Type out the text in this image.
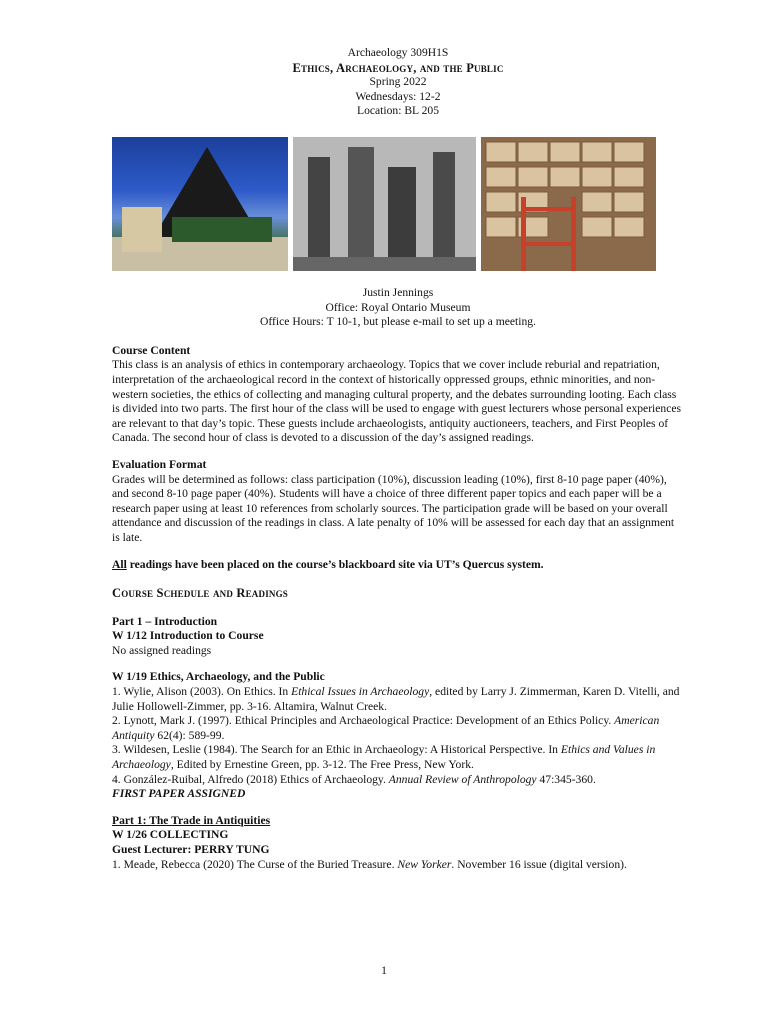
Archaeology 309H1S

Ethics, Archaeology, and the Public

Spring 2022

Wednesdays: 12-2

Location: BL 205

Justin Jennings

Office: Royal Ontario Museum

Office Hours: T 10-1, but please e-mail to set up a meeting.

Course Content

This class is an analysis of ethics in contemporary archaeology. Topics that we cover include reburial and repatriation, interpretation of the archaeological record in the context of historically oppressed groups, ethnic minorities, and non-western societies, the ethics of collecting and managing cultural property, and the debates surrounding looting. Each class is divided into two parts. The first hour of the class will be used to engage with guest lecturers whose personal experiences are relevant to that day’s topic. These guests include archaeologists, antiquity auctioneers, teachers, and First Peoples of Canada. The second hour of class is devoted to a discussion of the day’s assigned readings.

Evaluation Format

Grades will be determined as follows: class participation (10%), discussion leading (10%), first 8-10 page paper (40%), and second 8-10 page paper (40%). Students will have a choice of three different paper topics and each paper will be a research paper using at least 10 references from scholarly sources. The participation grade will be based on your overall attendance and discussion of the readings in class. A late penalty of 10% will be assessed for each day that an assignment is late.

All readings have been placed on the course’s blackboard site via UT’s Quercus system.

Course Schedule and Readings

Part 1 – Introduction

W 1/12 Introduction to Course

No assigned readings

W 1/19 Ethics, Archaeology, and the Public

1. Wylie, Alison (2003). On Ethics. In Ethical Issues in Archaeology, edited by Larry J. Zimmerman, Karen D. Vitelli, and Julie Hollowell-Zimmer, pp. 3-16. Altamira, Walnut Creek.

2. Lynott, Mark J. (1997). Ethical Principles and Archaeological Practice: Development of an Ethics Policy. American Antiquity 62(4): 589-99.

3. Wildesen, Leslie (1984). The Search for an Ethic in Archaeology: A Historical Perspective. In Ethics and Values in Archaeology, Edited by Ernestine Green, pp. 3-12. The Free Press, New York.

4. González-Ruibal, Alfredo (2018) Ethics of Archaeology. Annual Review of Anthropology 47:345-360.

FIRST PAPER ASSIGNED

Part 1: The Trade in Antiquities

W 1/26 COLLECTING

Guest Lecturer: PERRY TUNG

1. Meade, Rebecca (2020) The Curse of the Buried Treasure. New Yorker. November 16 issue (digital version).

1
